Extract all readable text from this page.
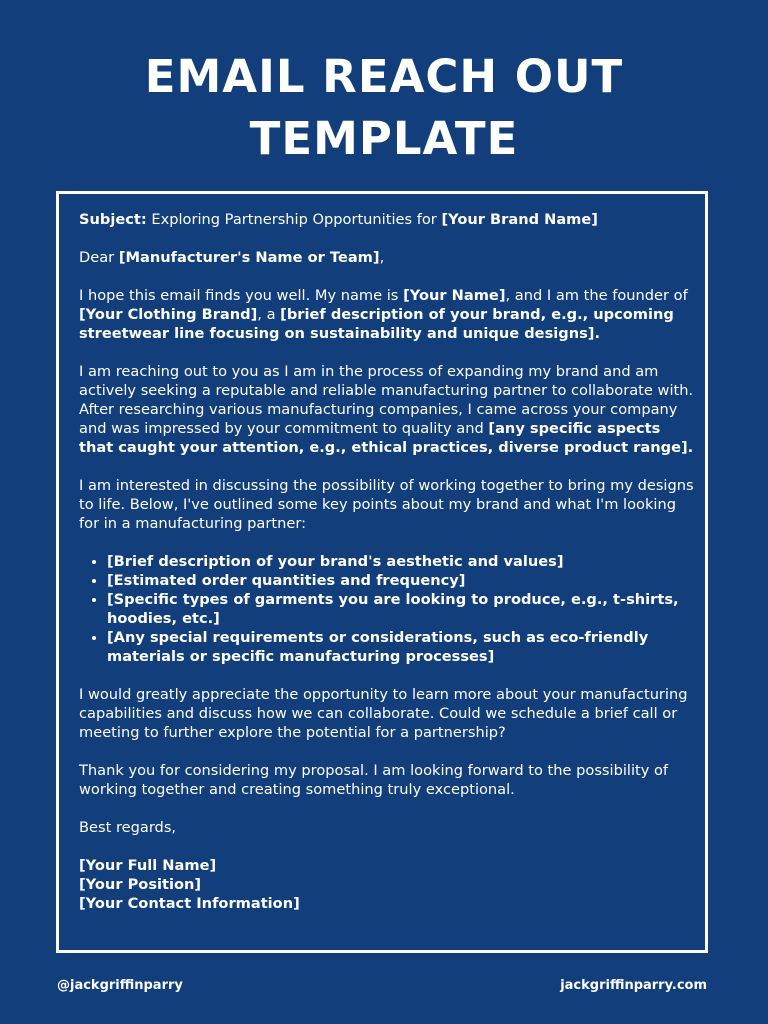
EMAIL REACH OUT
TEMPLATE

Subject: Exploring Partnership Opportunities for [Your Brand Name]

Dear [Manufacturer's Name or Team],

I hope this email finds you well. My name is [Your Name], and I am the founder of [Your Clothing Brand], a [brief description of your brand, e.g., upcoming streetwear line focusing on sustainability and unique designs].

I am reaching out to you as I am in the process of expanding my brand and am actively seeking a reputable and reliable manufacturing partner to collaborate with. After researching various manufacturing companies, I came across your company and was impressed by your commitment to quality and [any specific aspects that caught your attention, e.g., ethical practices, diverse product range].

I am interested in discussing the possibility of working together to bring my designs to life. Below, I've outlined some key points about my brand and what I'm looking for in a manufacturing partner:

• [Brief description of your brand's aesthetic and values]
• [Estimated order quantities and frequency]
• [Specific types of garments you are looking to produce, e.g., t-shirts, hoodies, etc.]
• [Any special requirements or considerations, such as eco-friendly materials or specific manufacturing processes]

I would greatly appreciate the opportunity to learn more about your manufacturing capabilities and discuss how we can collaborate. Could we schedule a brief call or meeting to further explore the potential for a partnership?

Thank you for considering my proposal. I am looking forward to the possibility of working together and creating something truly exceptional.

Best regards,

[Your Full Name]
[Your Position]
[Your Contact Information]
@jackgriffinparry	jackgriffinparry.com
